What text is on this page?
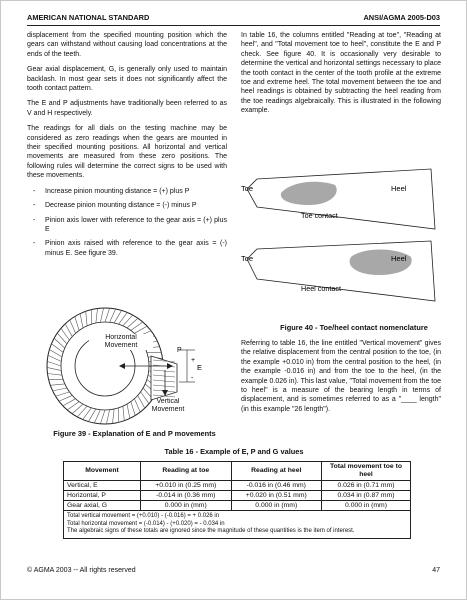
AMERICAN NATIONAL STANDARD	ANSI/AGMA 2005-D03

displacement from the specified mounting position which the gears can withstand without causing load concentrations at the ends of the teeth.

Gear axial displacement, G, is generally only used to maintain backlash. In most gear sets it does not significantly affect the tooth contact pattern.

The E and P adjustments have traditionally been referred to as V and H respectively.

The readings for all dials on the testing machine may be considered as zero readings when the gears are mounted in their specified mounting positions. All horizontal and vertical movements are measured from these zero positions. The following rules will determine the correct signs to be used with these movements.

- Increase pinion mounting distance = (+) plus P
- Decrease pinion mounting distance = (-) minus P
- Pinion axis lower with reference to the gear axis = (+) plus E
- Pinion axis raised with reference to the gear axis = (-) minus E. See figure 39.

In table 16, the columns entitled "Reading at toe", "Reading at heel", and "Total movement toe to heel", constitute the E and P check. See figure 40. It is occasionally very desirable to determine the vertical and horizontal settings necessary to place the tooth contact in the center of the tooth profile at the extreme toe and extreme heel. The total movement between the toe and heel readings is obtained by subtracting the heel reading from the toe readings algebraically. This is illustrated in the following example.

Toe	Heel
Toe contact
Toe	Heel
Heel contact
Figure 40 - Toe/heel contact nomenclature

Referring to table 16, the line entitled "Vertical movement" gives the relative displacement from the central position to the toe, (in the example +0.010 in) from the central position to the heel, (in the example -0.016 in) and from the toe to the heel, (in the example 0.026 in). This last value, "Total movement from the toe to heel" is a measure of the bearing length in terms of displacement, and is sometimes referred to as a "____ length" (in this example "26 length").

+
E
-
P
Horizontal Movement
Vertical Movement
Figure 39 - Explanation of E and P movements
Table 16 - Example of E, P and G values
Movement	Reading at toe	Reading at heel	Total movement toe to heel
Vertical, E	+0.010 in (0.25 mm)	-0.016 in (0.46 mm)	0.026 in (0.71 mm)
Horizontal, P	-0.014 in (0.36 mm)	+0.020 in (0.51 mm)	0.034 in (0.87 mm)
Gear axial, G	0.000 in (mm)	0.000 in (mm)	0.000 in (mm)

Total vertical movement = (+0.010) - (-0.016) = + 0.026 in
Total horizontal movement = (-0.014) - (+0.020) = - 0.034 in
The algebraic signs of these totals are ignored since the magnitude of these quantities is the item of interest.			
© AGMA 2003 -- All rights reserved	47
